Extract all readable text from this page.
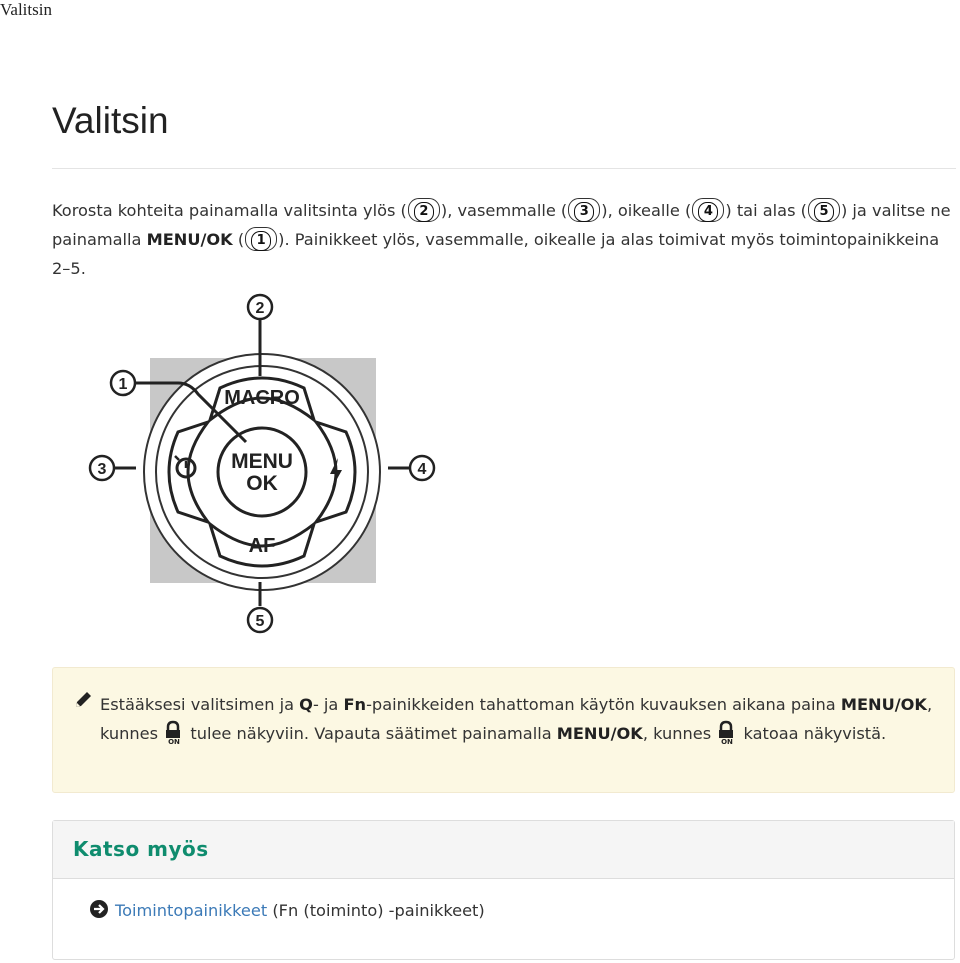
Valitsin
Valitsin

Korosta kohteita painamalla valitsinta ylös ( 2 ), vasemmalle ( 3 ), oikealle ( 4 ) tai alas ( 5 ) ja valitse ne painamalla MENU/OK ( 1 ). Painikkeet ylös, vasemmalle, oikealle ja alas toimivat myös toimintopainikkeina 2–5.

MACRO
MENU
OK
AF
1
2
3	4
5

Estääksesi valitsimen ja Q- ja Fn-painikkeiden tahattoman käytön kuvauksen aikana paina MENU/OK, kunnes ON tulee näkyviin. Vapauta säätimet painamalla MENU/OK, kunnes ON katoaa näkyvistä.

Katso myös
Toimintopainikkeet (Fn (toiminto) -painikkeet)
